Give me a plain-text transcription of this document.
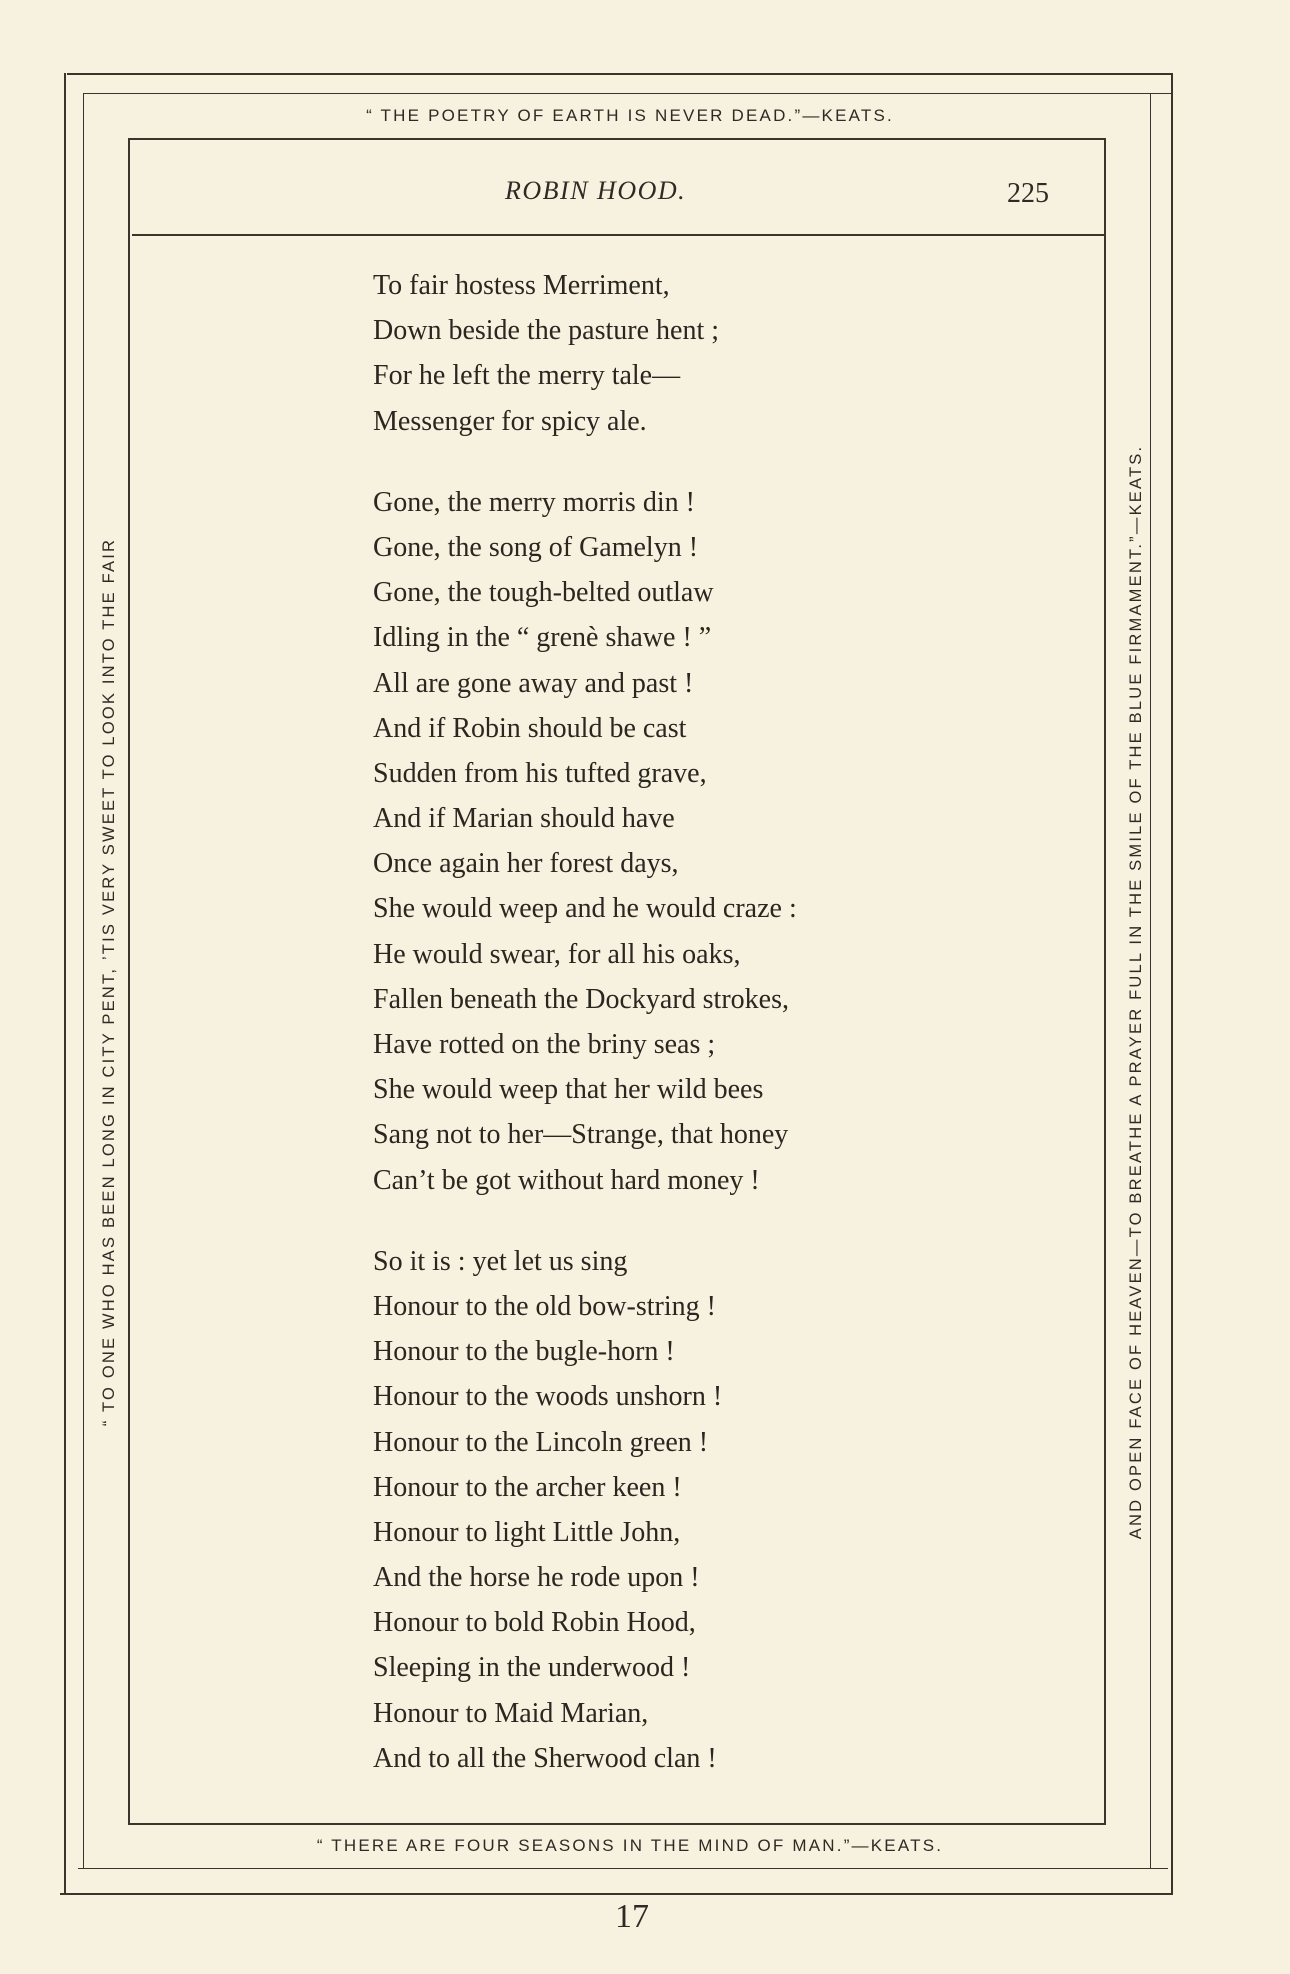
“ THE POETRY OF EARTH IS NEVER DEAD.”—KEATS.
“ THERE ARE FOUR SEASONS IN THE MIND OF MAN.”—KEATS.
“ TO ONE WHO HAS BEEN LONG IN CITY PENT, ’TIS VERY SWEET TO LOOK INTO THE FAIR	AND OPEN FACE OF HEAVEN—TO BREATHE A PRAYER FULL IN THE SMILE OF THE BLUE FIRMAMENT.”—KEATS.
ROBIN HOOD.	225
To fair hostess Merriment,
Down beside the pasture hent ;
For he left the merry tale—
Messenger for spicy ale.
Gone, the merry morris din !
Gone, the song of Gamelyn !
Gone, the tough-belted outlaw
Idling in the “ grenè shawe ! ”
All are gone away and past !
And if Robin should be cast
Sudden from his tufted grave,
And if Marian should have
Once again her forest days,
She would weep and he would craze :
He would swear, for all his oaks,
Fallen beneath the Dockyard strokes,
Have rotted on the briny seas ;
She would weep that her wild bees
Sang not to her—Strange, that honey
Can’t be got without hard money !
So it is : yet let us sing
Honour to the old bow-string !
Honour to the bugle-horn !
Honour to the woods unshorn !
Honour to the Lincoln green !
Honour to the archer keen !
Honour to light Little John,
And the horse he rode upon !
Honour to bold Robin Hood,
Sleeping in the underwood !
Honour to Maid Marian,
And to all the Sherwood clan !
17
